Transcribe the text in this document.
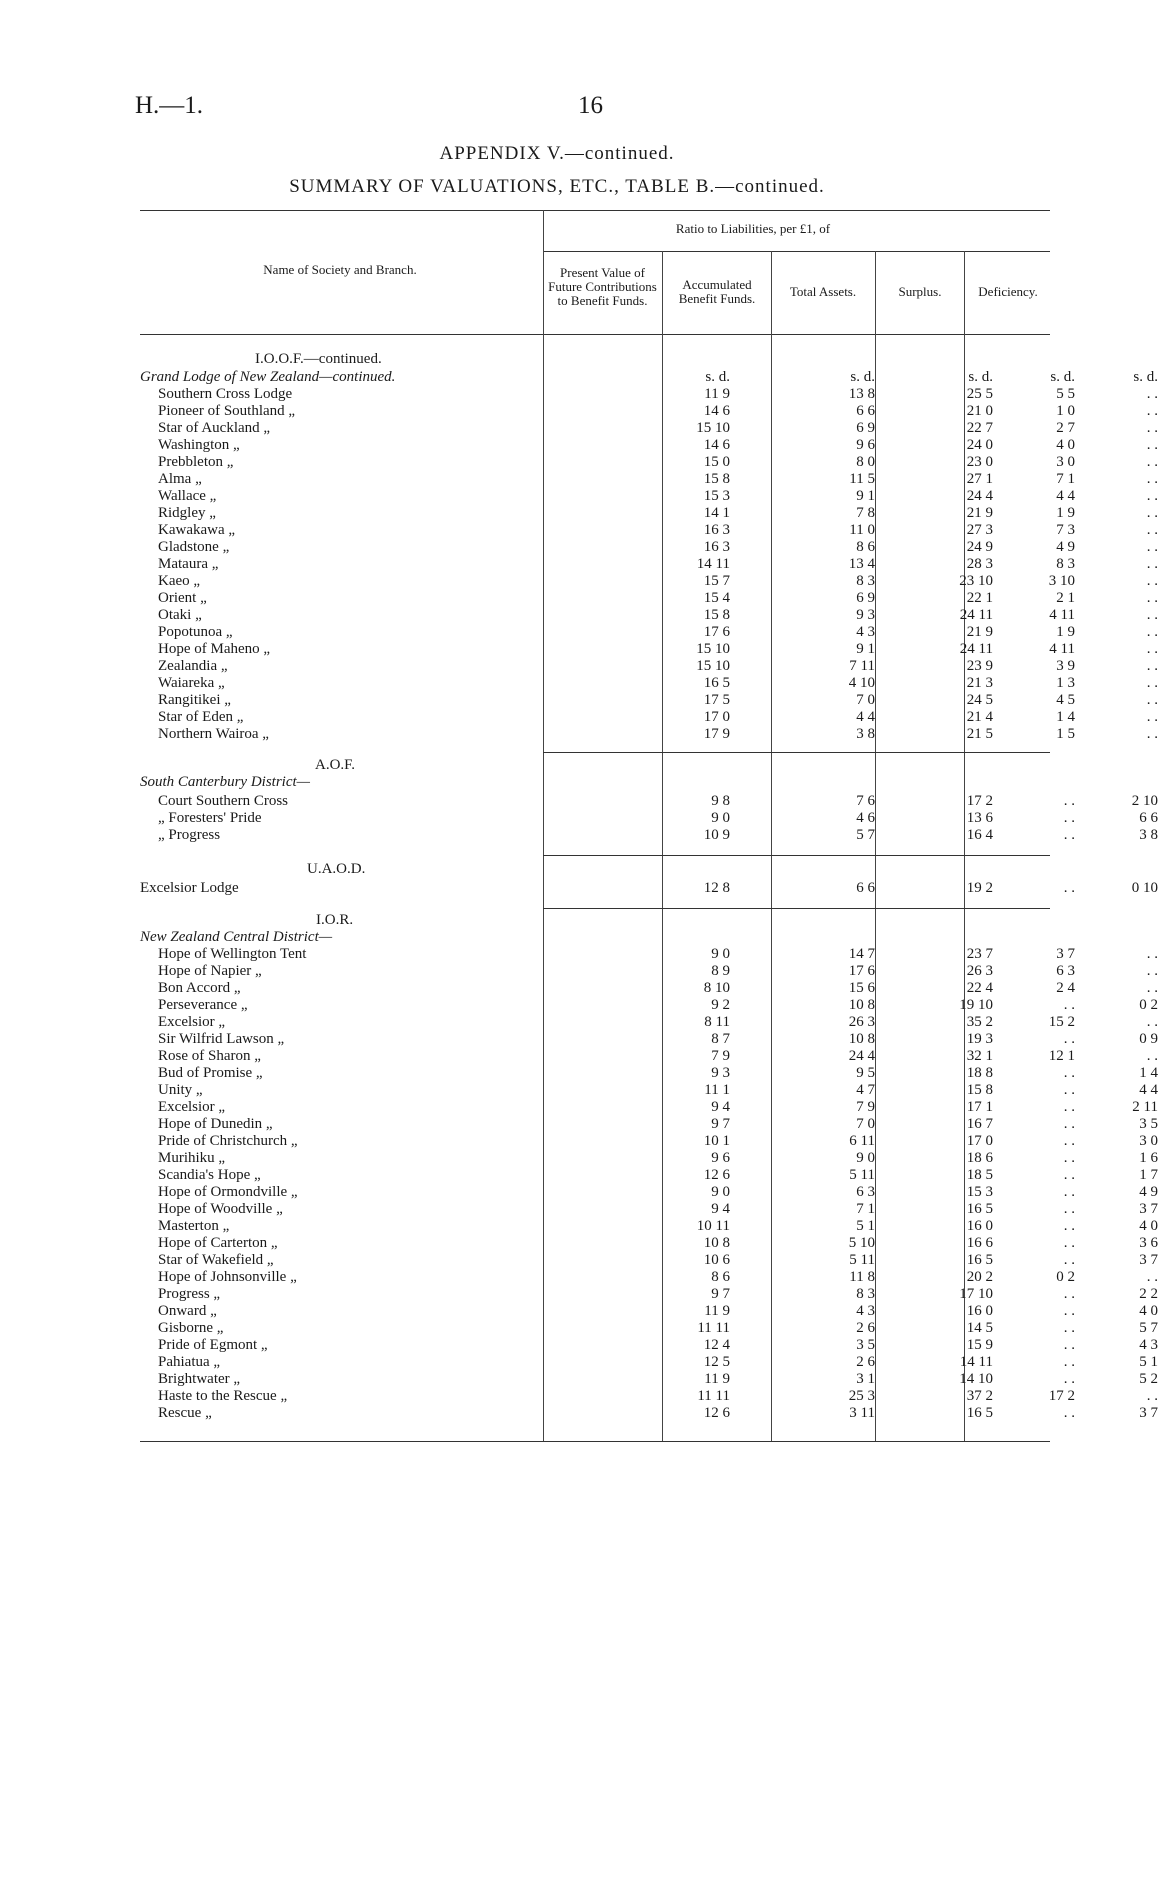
H.—1.	16
APPENDIX V.—continued.
SUMMARY OF VALUATIONS, ETC., TABLE B.—continued.
Name of Society and Branch.
Ratio to Liabilities, per £1, of
Present Value of Future Contributions to Benefit Funds.
Accumulated Benefit Funds.	Total Assets.	Surplus.	Deficiency.
s. d.	s. d.	s. d.	s. d.	s. d.
I.O.O.F.—continued.
Grand Lodge of New Zealand—continued.
Southern Cross Lodge	11 9	13 8	25 5	5 5	. .
Pioneer of Southland „	14 6	6 6	21 0	1 0	. .
Star of Auckland „	15 10	6 9	22 7	2 7	. .
Washington „	14 6	9 6	24 0	4 0	. .
Prebbleton „	15 0	8 0	23 0	3 0	. .
Alma „	15 8	11 5	27 1	7 1	. .
Wallace „	15 3	9 1	24 4	4 4	. .
Ridgley „	14 1	7 8	21 9	1 9	. .
Kawakawa „	16 3	11 0	27 3	7 3	. .
Gladstone „	16 3	8 6	24 9	4 9	. .
Mataura „	14 11	13 4	28 3	8 3	. .
Kaeo „	15 7	8 3	23 10	3 10	. .
Orient „	15 4	6 9	22 1	2 1	. .
Otaki „	15 8	9 3	24 11	4 11	. .
Popotunoa „	17 6	4 3	21 9	1 9	. .
Hope of Maheno „	15 10	9 1	24 11	4 11	. .
Zealandia „	15 10	7 11	23 9	3 9	. .
Waiareka „	16 5	4 10	21 3	1 3	. .
Rangitikei „	17 5	7 0	24 5	4 5	. .
Star of Eden „	17 0	4 4	21 4	1 4	. .
Northern Wairoa „	17 9	3 8	21 5	1 5	. .
A.O.F.
South Canterbury District—
Court Southern Cross	9 8	7 6	17 2	. .	2 10
„ Foresters' Pride	9 0	4 6	13 6	. .	6 6
„ Progress	10 9	5 7	16 4	. .	3 8
U.A.O.D.
Excelsior Lodge	12 8	6 6	19 2	. .	0 10
I.O.R.
New Zealand Central District—
Hope of Wellington Tent	9 0	14 7	23 7	3 7	. .
Hope of Napier „	8 9	17 6	26 3	6 3	. .
Bon Accord „	8 10	15 6	22 4	2 4	. .
Perseverance „	9 2	10 8	19 10	. .	0 2
Excelsior „	8 11	26 3	35 2	15 2	. .
Sir Wilfrid Lawson „	8 7	10 8	19 3	. .	0 9
Rose of Sharon „	7 9	24 4	32 1	12 1	. .
Bud of Promise „	9 3	9 5	18 8	. .	1 4
Unity „	11 1	4 7	15 8	. .	4 4
Excelsior „	9 4	7 9	17 1	. .	2 11
Hope of Dunedin „	9 7	7 0	16 7	. .	3 5
Pride of Christchurch „	10 1	6 11	17 0	. .	3 0
Murihiku „	9 6	9 0	18 6	. .	1 6
Scandia's Hope „	12 6	5 11	18 5	. .	1 7
Hope of Ormondville „	9 0	6 3	15 3	. .	4 9
Hope of Woodville „	9 4	7 1	16 5	. .	3 7
Masterton „	10 11	5 1	16 0	. .	4 0
Hope of Carterton „	10 8	5 10	16 6	. .	3 6
Star of Wakefield „	10 6	5 11	16 5	. .	3 7
Hope of Johnsonville „	8 6	11 8	20 2	0 2	. .
Progress „	9 7	8 3	17 10	. .	2 2
Onward „	11 9	4 3	16 0	. .	4 0
Gisborne „	11 11	2 6	14 5	. .	5 7
Pride of Egmont „	12 4	3 5	15 9	. .	4 3
Pahiatua „	12 5	2 6	14 11	. .	5 1
Brightwater „	11 9	3 1	14 10	. .	5 2
Haste to the Rescue „	11 11	25 3	37 2	17 2	. .
Rescue „	12 6	3 11	16 5	. .	3 7
